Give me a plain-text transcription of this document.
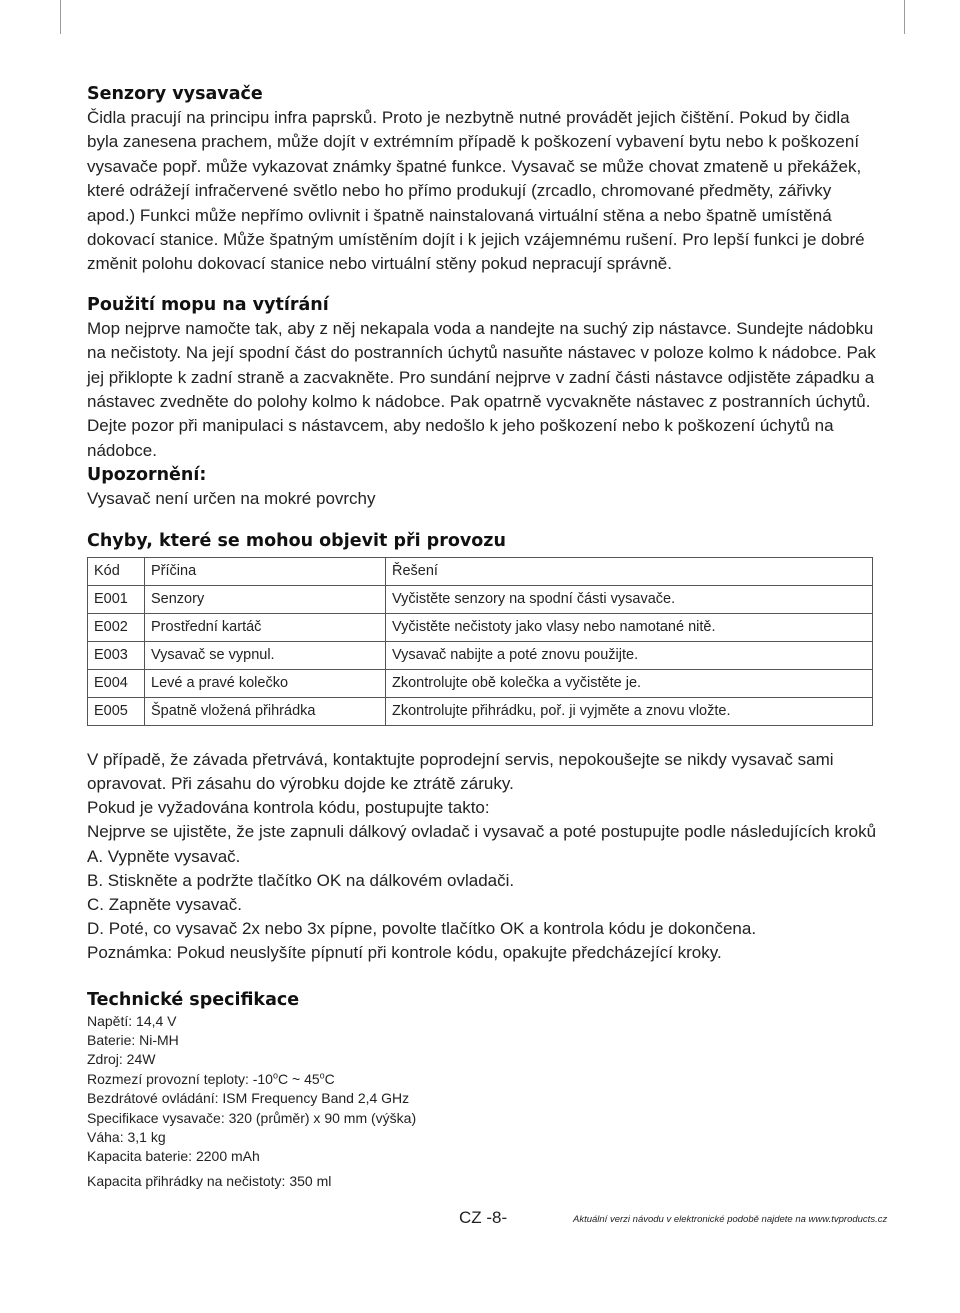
Senzory vysavače

Čidla pracují na principu infra paprsků. Proto je nezbytně nutné provádět jejich čištění. Pokud by čidla byla zanesena prachem, může dojít v extrémním případě k poškození vybavení bytu nebo k poškození vysavače popř. může vykazovat známky špatné funkce. Vysavač se může chovat zmateně u překážek, které odrážejí infračervené světlo nebo ho přímo produkují (zrcadlo, chromované předměty, zářivky apod.) Funkci může nepřímo ovlivnit i špatně nainstalovaná virtuální stěna a nebo špatně umístěná dokovací stanice. Může špatným umístěním dojít i k jejich vzájemnému rušení. Pro lepší funkci je dobré změnit polohu dokovací stanice nebo virtuální stěny pokud nepracují správně.

Použití mopu na vytírání

Mop nejprve namočte tak, aby z něj nekapala voda a nandejte na suchý zip nástavce. Sundejte nádobku na nečistoty. Na její spodní část do postranních úchytů nasuňte nástavec v poloze kolmo k nádobce. Pak jej přiklopte k zadní straně a zacvakněte. Pro sundání nejprve v zadní části nástavce odjistěte západku a nástavec zvedněte do polohy kolmo k nádobce. Pak opatrně vycvakněte nástavec z postranních úchytů. Dejte pozor při manipulaci s nástavcem, aby nedošlo k jeho poškození nebo k poškození úchytů na nádobce.

Upozornění:

Vysavač není určen na mokré povrchy

Chyby, které se mohou objevit při provozu
Kód	Příčina	Řešení
E001	Senzory	Vyčistěte senzory na spodní části vysavače.
E002	Prostřední kartáč	Vyčistěte nečistoty jako vlasy nebo namotané nitě.
E003	Vysavač se vypnul.	Vysavač nabijte a poté znovu použijte.
E004	Levé a pravé kolečko	Zkontrolujte obě kolečka a vyčistěte je.
E005	Špatně vložená přihrádka	Zkontrolujte přihrádku, poř. ji vyjměte a znovu vložte.

V případě, že závada přetrvává, kontaktujte poprodejní servis, nepokoušejte se nikdy vysavač sami opravovat. Při zásahu do výrobku dojde ke ztrátě záruky.

Pokud je vyžadována kontrola kódu, postupujte takto:

Nejprve se ujistěte, že jste zapnuli dálkový ovladač i vysavač a poté postupujte podle následujících kroků

A. Vypněte vysavač.

B. Stiskněte a podržte tlačítko OK na dálkovém ovladači.

C. Zapněte vysavač.

D. Poté, co vysavač 2x nebo 3x pípne, povolte tlačítko OK a kontrola kódu je dokončena.

Poznámka: Pokud neuslyšíte pípnutí při kontrole kódu, opakujte předcházející kroky.

Technické specifikace
Napětí: 14,4 V
Baterie: Ni-MH
Zdroj: 24W
Rozmezí provozní teploty: -10$^o$C ~ 45$^o$C
Bezdrátové ovládání: ISM Frequency Band 2,4 GHz
Specifikace vysavače: 320 (průměr) x 90 mm (výška)
Váha: 3,1 kg
Kapacita baterie: 2200 mAh
Kapacita přihrádky na nečistoty: 350 ml
CZ -8-	Aktuální verzi návodu v elektronické podobě najdete na www.tvproducts.cz
